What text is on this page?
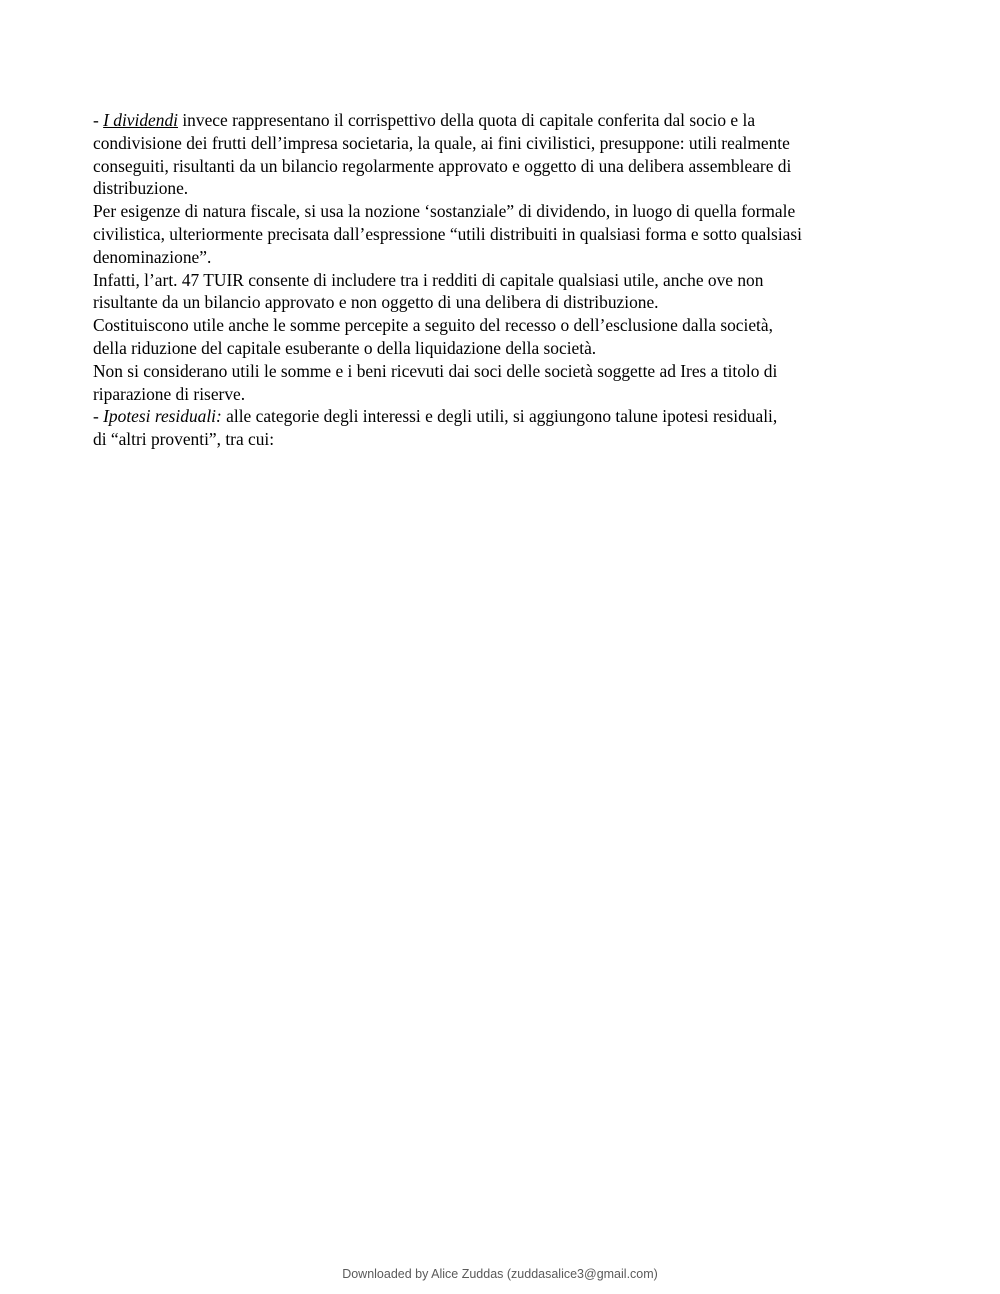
- I dividendi invece rappresentano il corrispettivo della quota di capitale conferita dal socio e la
condivisione dei frutti dell’impresa societaria, la quale, ai fini civilistici, presuppone: utili realmente
conseguiti, risultanti da un bilancio regolarmente approvato e oggetto di una delibera assembleare di
distribuzione.
Per esigenze di natura fiscale, si usa la nozione ‘sostanziale” di dividendo, in luogo di quella formale
civilistica, ulteriormente precisata dall’espressione “utili distribuiti in qualsiasi forma e sotto qualsiasi
denominazione”.
Infatti, l’art. 47 TUIR consente di includere tra i redditi di capitale qualsiasi utile, anche ove non
risultante da un bilancio approvato e non oggetto di una delibera di distribuzione.
Costituiscono utile anche le somme percepite a seguito del recesso o dell’esclusione dalla società,
della riduzione del capitale esuberante o della liquidazione della società.
Non si considerano utili le somme e i beni ricevuti dai soci delle società soggette ad Ires a titolo di
riparazione di riserve.
- Ipotesi residuali: alle categorie degli interessi e degli utili, si aggiungono talune ipotesi residuali,
di “altri proventi”, tra cui:
Downloaded by Alice Zuddas (zuddasalice3@gmail.com)
